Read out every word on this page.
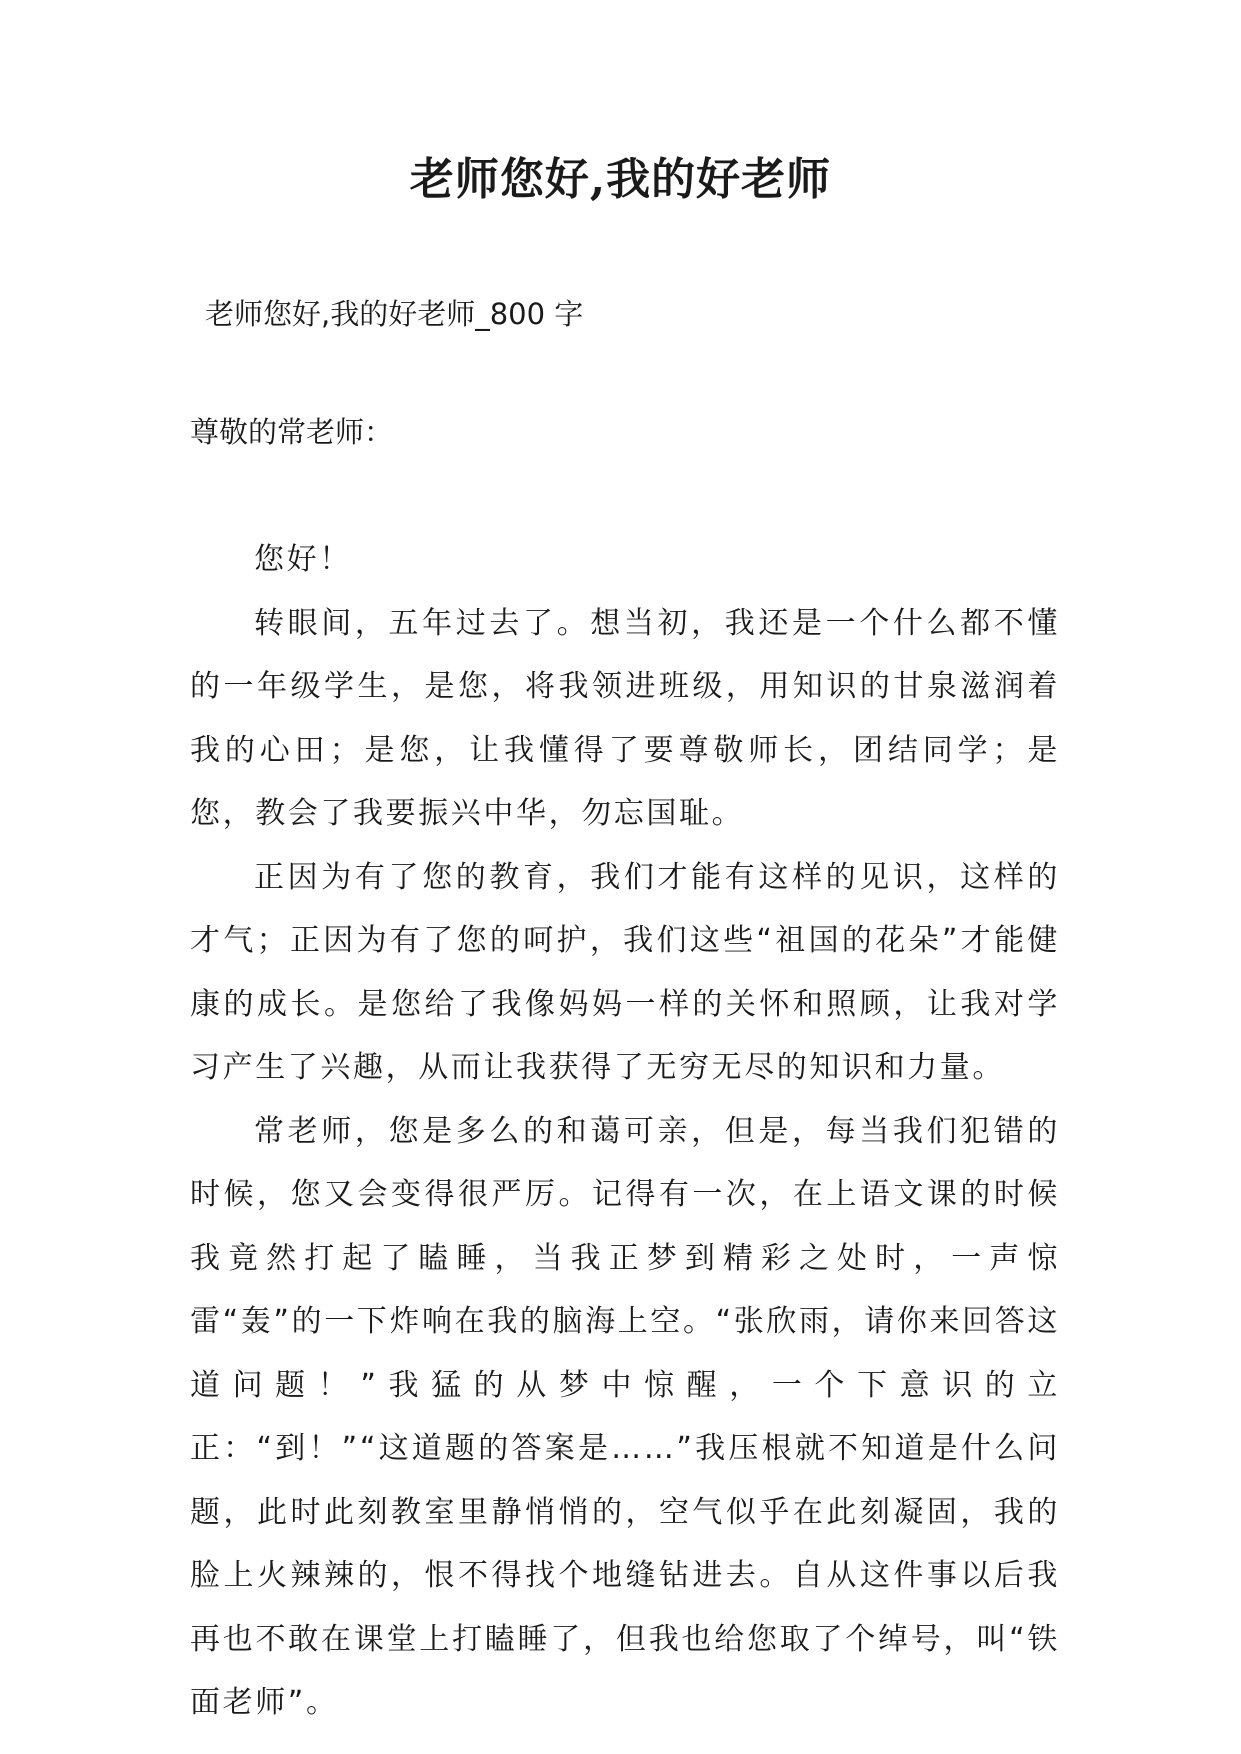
老师您好,我的好老师
老师您好,我的好老师_800 字
尊敬的常老师：

您好！

转眼间，五年过去了。想当初，我还是一个什么都不懂的一年级学生，是您，将我领进班级，用知识的甘泉滋润着我的心田；是您，让我懂得了要尊敬师长，团结同学；是您，教会了我要振兴中华，勿忘国耻。

正因为有了您的教育，我们才能有这样的见识，这样的才气；正因为有了您的呵护，我们这些“祖国的花朵”才能健康的成长。是您给了我像妈妈一样的关怀和照顾，让我对学习产生了兴趣，从而让我获得了无穷无尽的知识和力量。

常老师，您是多么的和蔼可亲，但是，每当我们犯错的时候，您又会变得很严厉。记得有一次，在上语文课的时候我竟然打起了瞌睡，当我正梦到精彩之处时，一声惊雷“轰”的一下炸响在我的脑海上空。“张欣雨，请你来回答这道问题！”我猛的从梦中惊醒，一个下意识的立正：“到！”“这道题的答案是……”我压根就不知道是什么问题，此时此刻教室里静悄悄的，空气似乎在此刻凝固，我的脸上火辣辣的，恨不得找个地缝钻进去。自从这件事以后我再也不敢在课堂上打瞌睡了，但我也给您取了个绰号，叫“铁面老师”。
